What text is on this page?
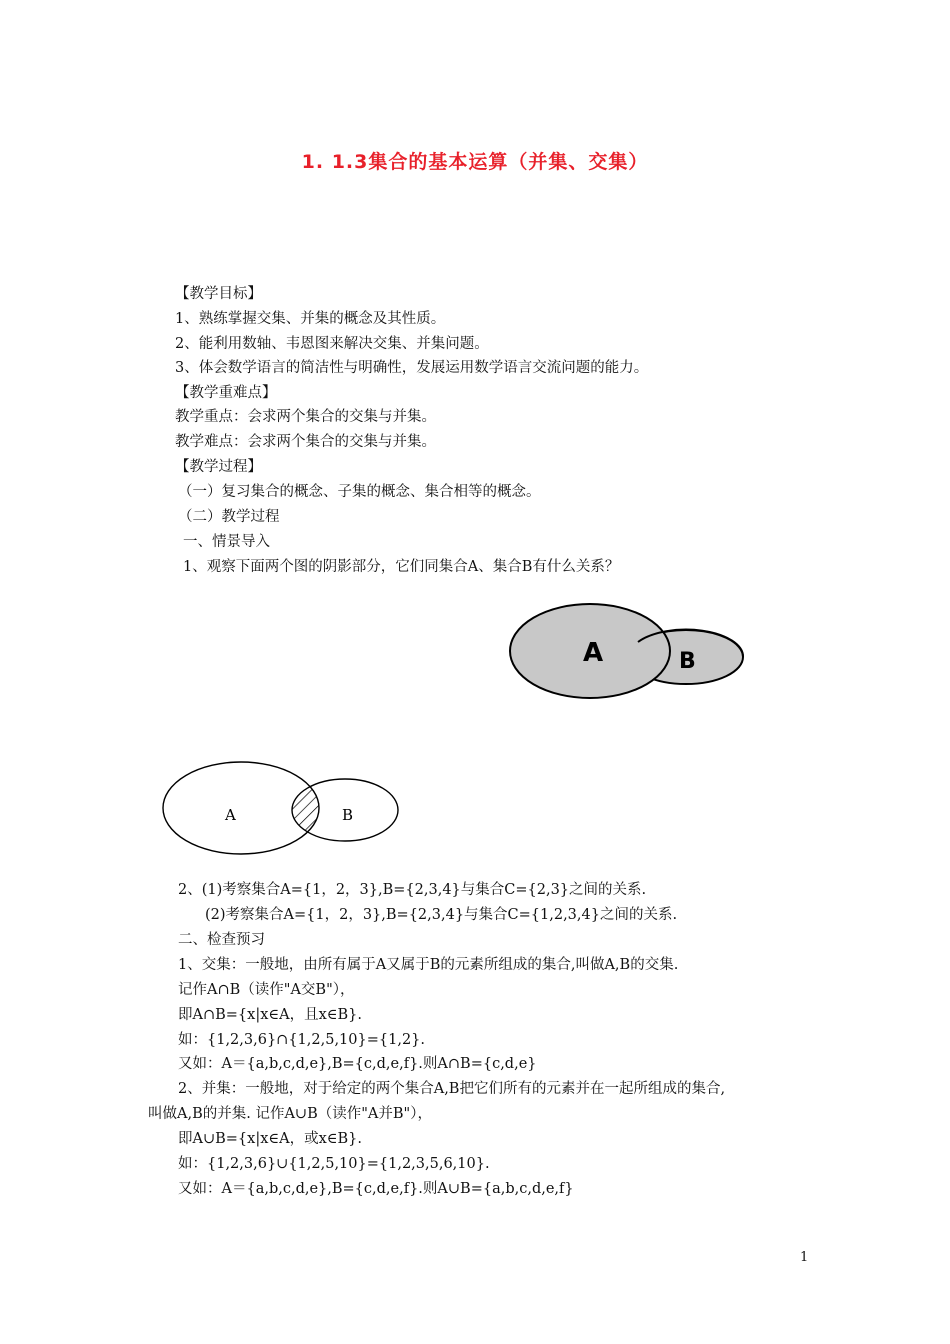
1. 1.3集合的基本运算（并集、交集）
【教学目标】
1、熟练掌握交集、并集的概念及其性质。
2、能利用数轴、韦恩图来解决交集、并集问题。
3、体会数学语言的简洁性与明确性，发展运用数学语言交流问题的能力。
【教学重难点】
教学重点：会求两个集合的交集与并集。
教学难点：会求两个集合的交集与并集。
【教学过程】
（一）复习集合的概念、子集的概念、集合相等的概念。
（二）教学过程
一、情景导入
1、观察下面两个图的阴影部分，它们同集合A、集合B有什么关系？
A	B
A	B
2、(1)考察集合A={1，2，3},B={2,3,4}与集合C={2,3}之间的关系.
(2)考察集合A={1，2，3},B={2,3,4}与集合C={1,2,3,4}之间的关系.
二、检查预习
1、交集：一般地，由所有属于A又属于B的元素所组成的集合,叫做A,B的交集.
记作A∩B（读作"A交B"），
即A∩B={x|x∈A，且x∈B}.
如：{1,2,3,6}∩{1,2,5,10}={1,2}.
又如：A＝{a,b,c,d,e},B={c,d,e,f}.则A∩B={c,d,e}
2、并集：一般地，对于给定的两个集合A,B把它们所有的元素并在一起所组成的集合,
叫做A,B的并集. 记作A∪B（读作"A并B"），
即A∪B={x|x∈A，或x∈B}.
如：{1,2,3,6}∪{1,2,5,10}={1,2,3,5,6,10}.
又如：A＝{a,b,c,d,e},B={c,d,e,f}.则A∪B={a,b,c,d,e,f}
1
